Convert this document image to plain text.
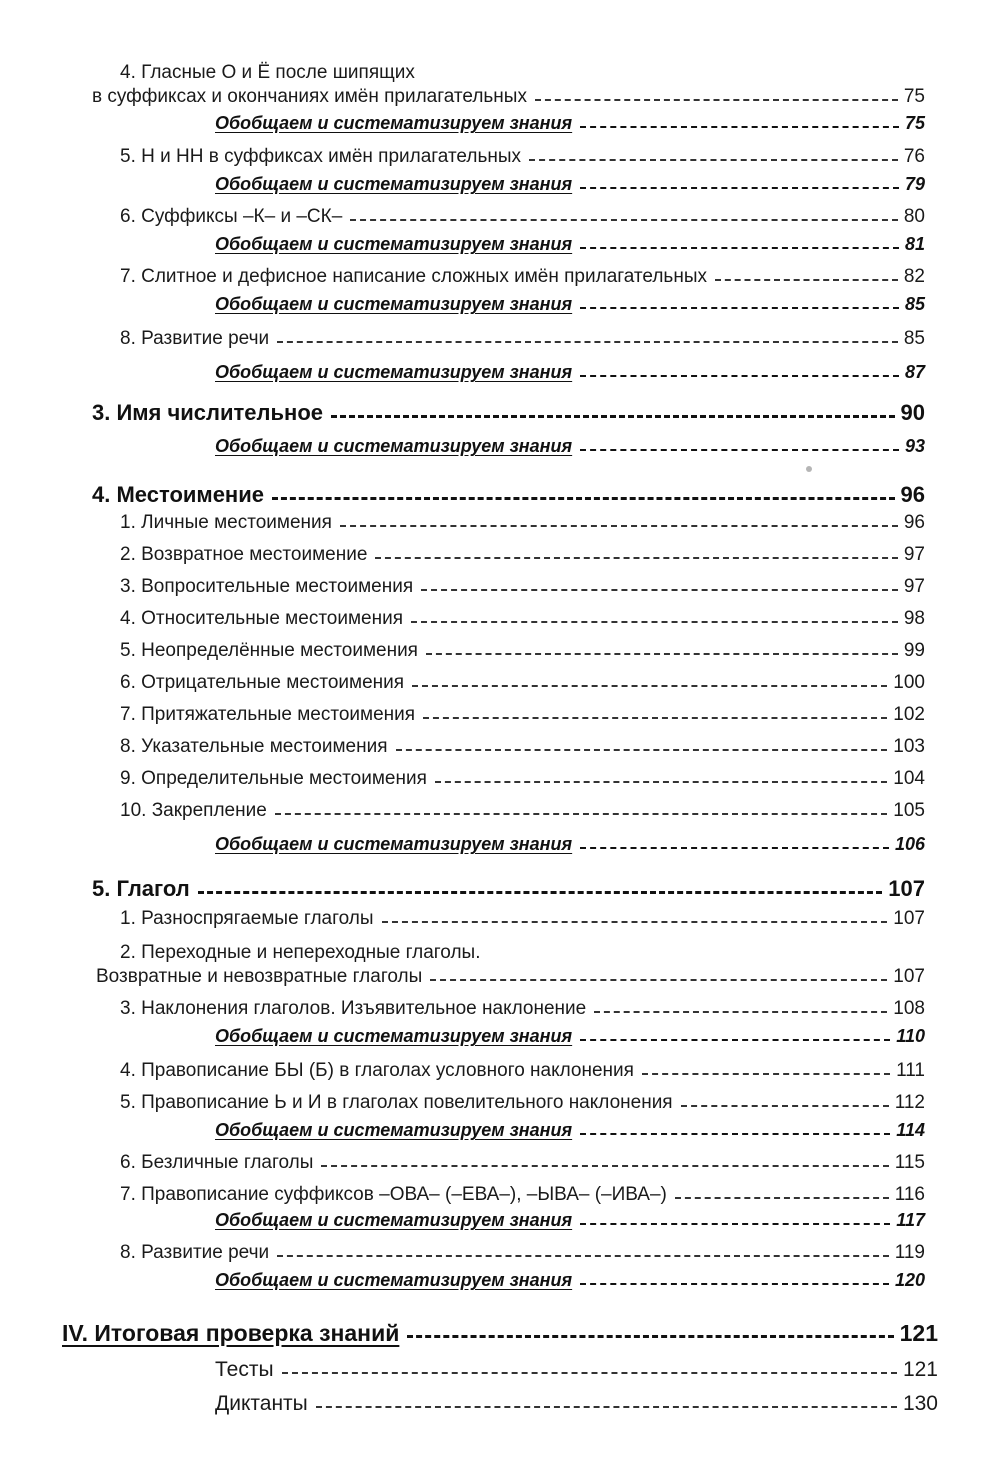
4. Гласные О и Ё после шипящих
в суффиксах и окончаниях имён прилагательных	75
Обобщаем и систематизируем знания	75
5. Н и НН в суффиксах имён прилагательных	76
Обобщаем и систематизируем знания	79
6. Суффиксы –К– и –СК–	80
Обобщаем и систематизируем знания	81
7. Слитное и дефисное написание сложных имён прилагательных	82
Обобщаем и систематизируем знания	85
8. Развитие речи	85
Обобщаем и систематизируем знания	87
3. Имя числительное	90
Обобщаем и систематизируем знания	93
4. Местоимение	96
1. Личные местоимения	96
2. Возвратное местоимение	97
3. Вопросительные местоимения	97
4. Относительные местоимения	98
5. Неопределённые местоимения	99
6. Отрицательные местоимения	100
7. Притяжательные местоимения	102
8. Указательные местоимения	103
9. Определительные местоимения	104
10. Закрепление	105
Обобщаем и систематизируем знания	106
5. Глагол	107
1. Разноспрягаемые глаголы	107
2. Переходные и непереходные глаголы.
Возвратные и невозвратные глаголы	107
3. Наклонения глаголов. Изъявительное наклонение	108
Обобщаем и систематизируем знания	110
4. Правописание БЫ (Б) в глаголах условного наклонения	111
5. Правописание Ь и И в глаголах повелительного наклонения	112
Обобщаем и систематизируем знания	114
6. Безличные глаголы	115
7. Правописание суффиксов –ОВА– (–ЕВА–), –ЫВА– (–ИВА–)	116
Обобщаем и систематизируем знания	117
8. Развитие речи	119
Обобщаем и систематизируем знания	120
IV. Итоговая проверка знаний	121
Тесты	121
Диктанты	130
